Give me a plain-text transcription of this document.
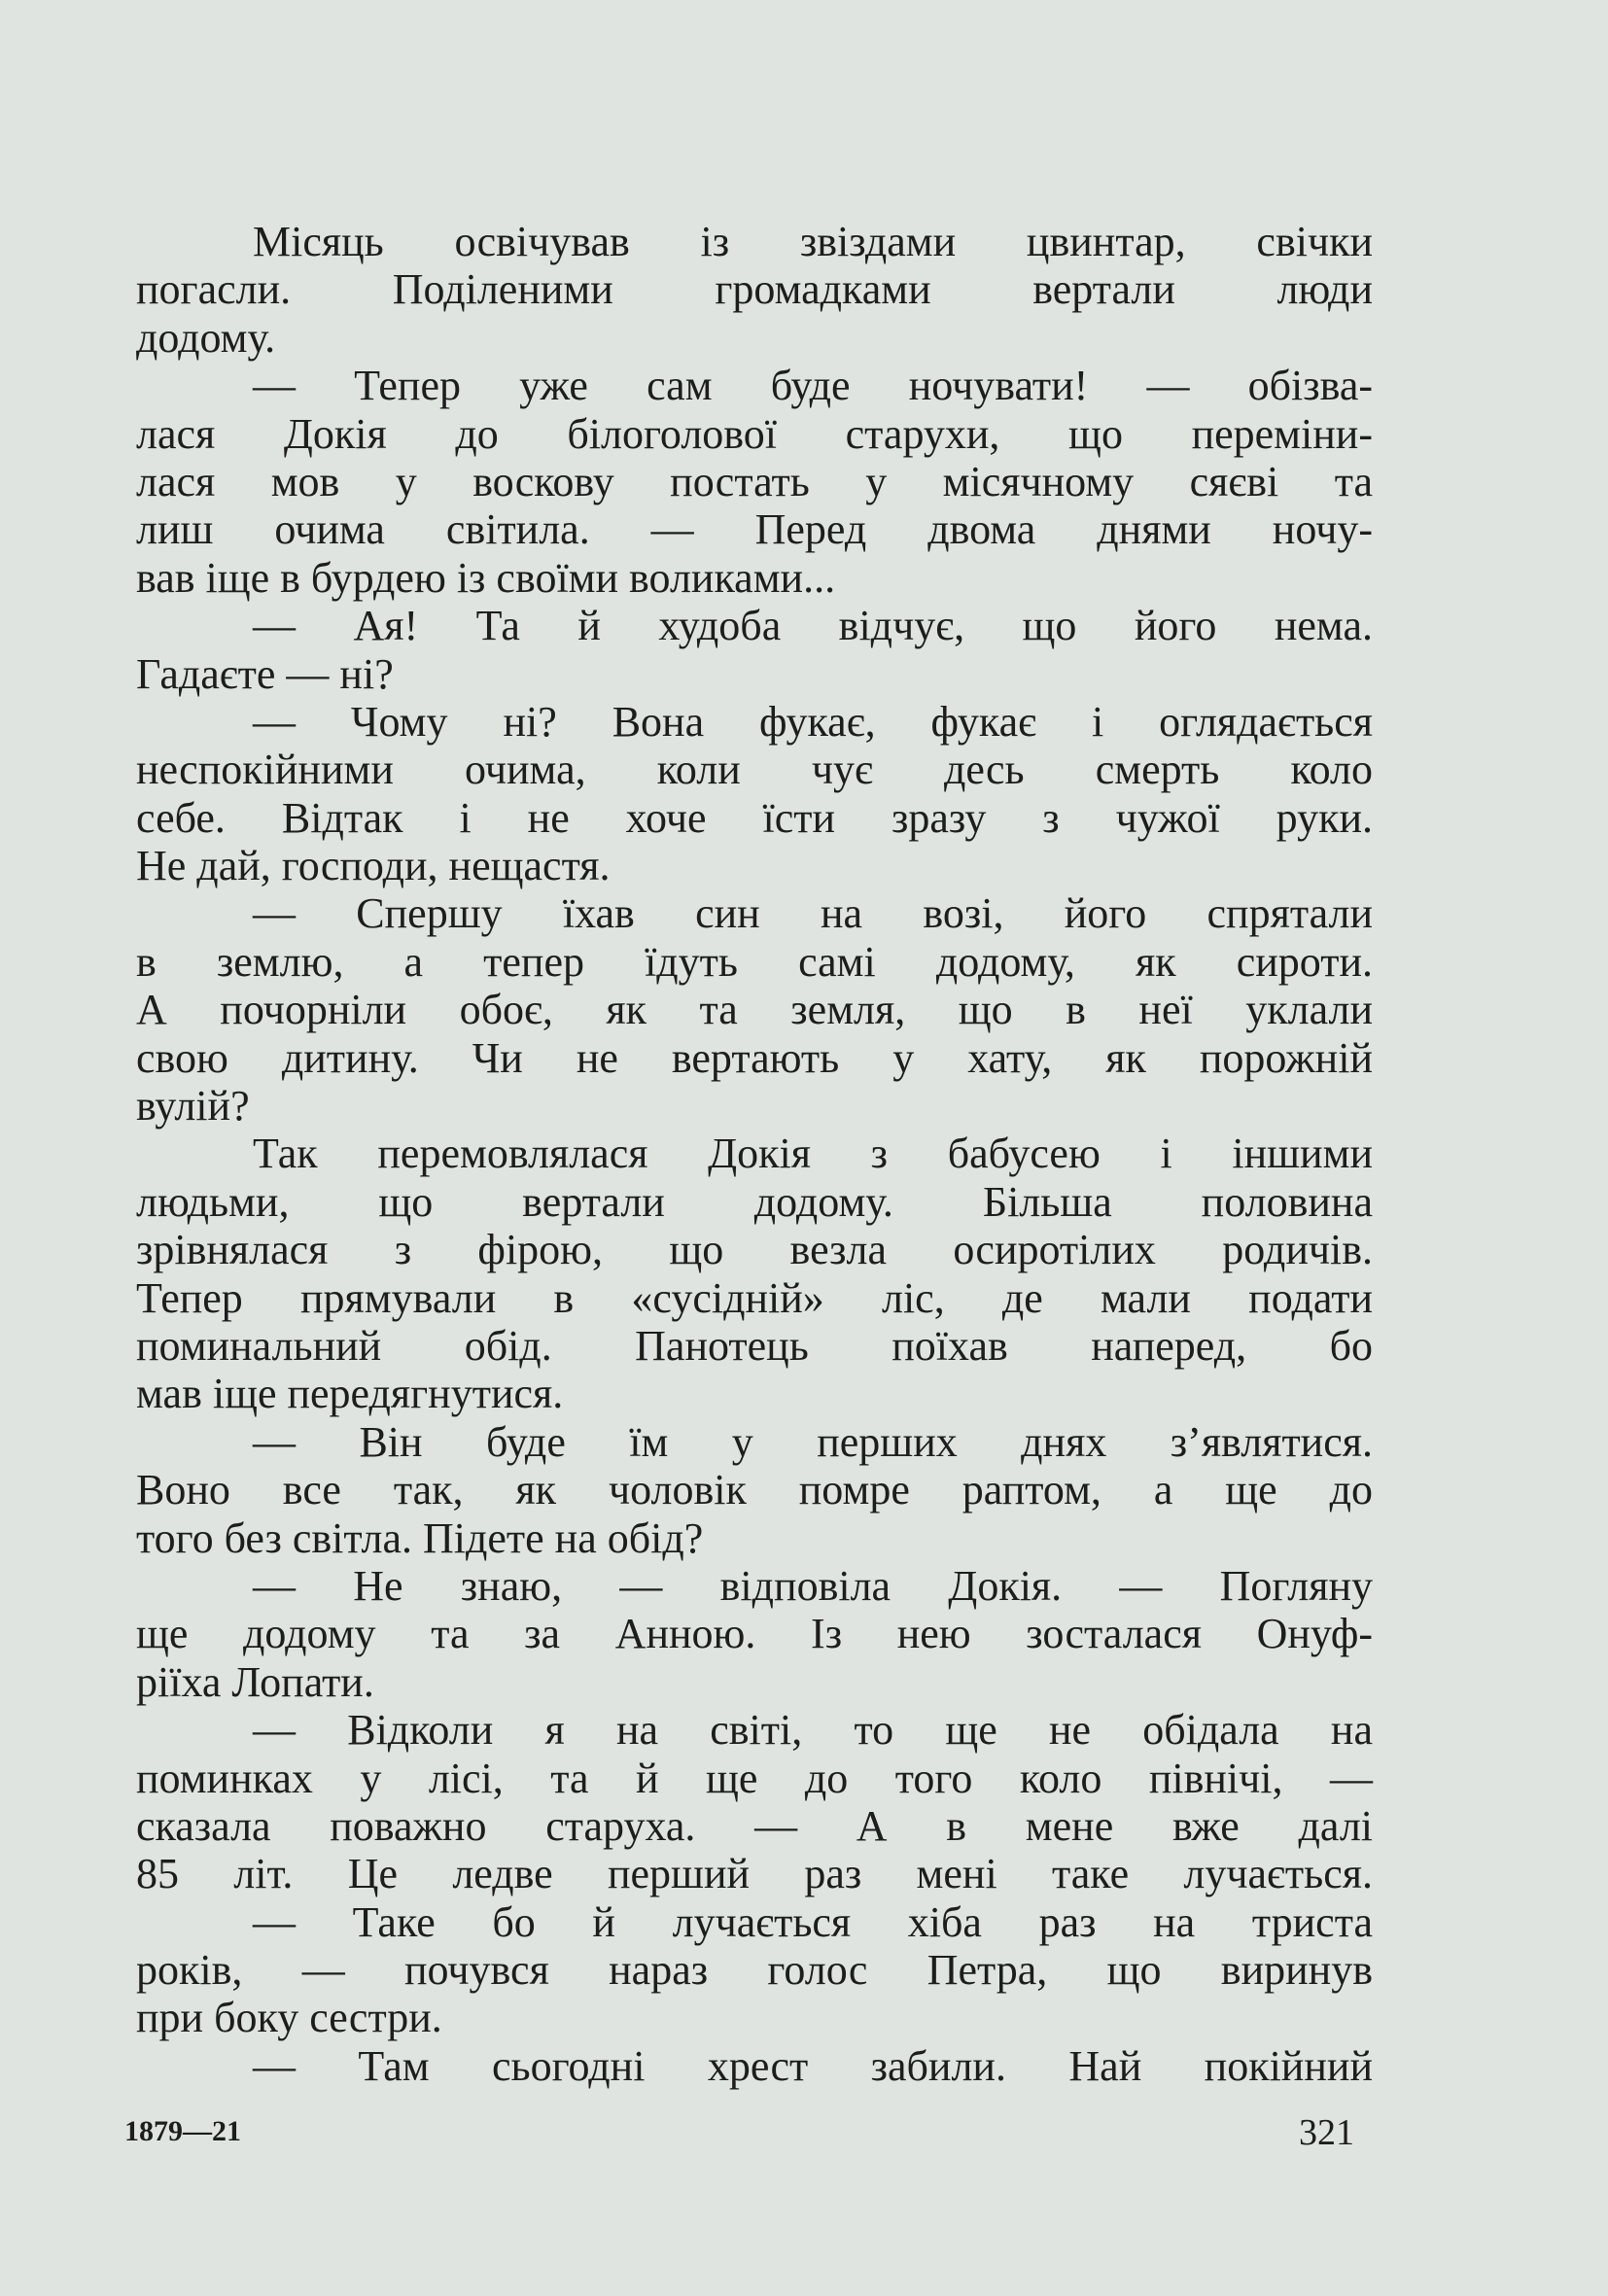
Місяць освічував із звіздами цвинтар, свічки
погасли. Поділеними громадками вертали люди
додому.
— Тепер уже сам буде ночувати! — обізва-
лася Докія до білоголової старухи, що переміни-
лася мов у воскову постать у місячному сяєві та
лиш очима світила. — Перед двома днями ночу-
вав іще в бурдею із своїми воликами...
— Ая! Та й худоба відчує, що його нема.
Гадаєте — ні?
— Чому ні? Вона фукає, фукає і оглядається
неспокійними очима, коли чує десь смерть коло
себе. Відтак і не хоче їсти зразу з чужої руки.
Не дай, господи, нещастя.
— Спершу їхав син на возі, його спрятали
в землю, а тепер їдуть самі додому, як сироти.
А почорніли обоє, як та земля, що в неї уклали
свою дитину. Чи не вертають у хату, як порожній
вулій?
Так перемовлялася Докія з бабусею і іншими
людьми, що вертали додому. Більша половина
зрівнялася з фірою, що везла осиротілих родичів.
Тепер прямували в «сусідній» ліс, де мали подати
поминальний обід. Панотець поїхав наперед, бо
мав іще передягнутися.
— Він буде їм у перших днях з’являтися.
Воно все так, як чоловік помре раптом, а ще до
того без світла. Підете на обід?
— Не знаю, — відповіла Докія. — Погляну
ще додому та за Анною. Із нею зосталася Онуф-
ріїха Лопати.
— Відколи я на світі, то ще не обідала на
поминках у лісі, та й ще до того коло північі, —
сказала поважно старуха. — А в мене вже далі
85 літ. Це ледве перший раз мені таке лучається.
— Таке бо й лучається хіба раз на триста
років, — почувся нараз голос Петра, що виринув
при боку сестри.
— Там сьогодні хрест забили. Най покійний
1879—21	321
